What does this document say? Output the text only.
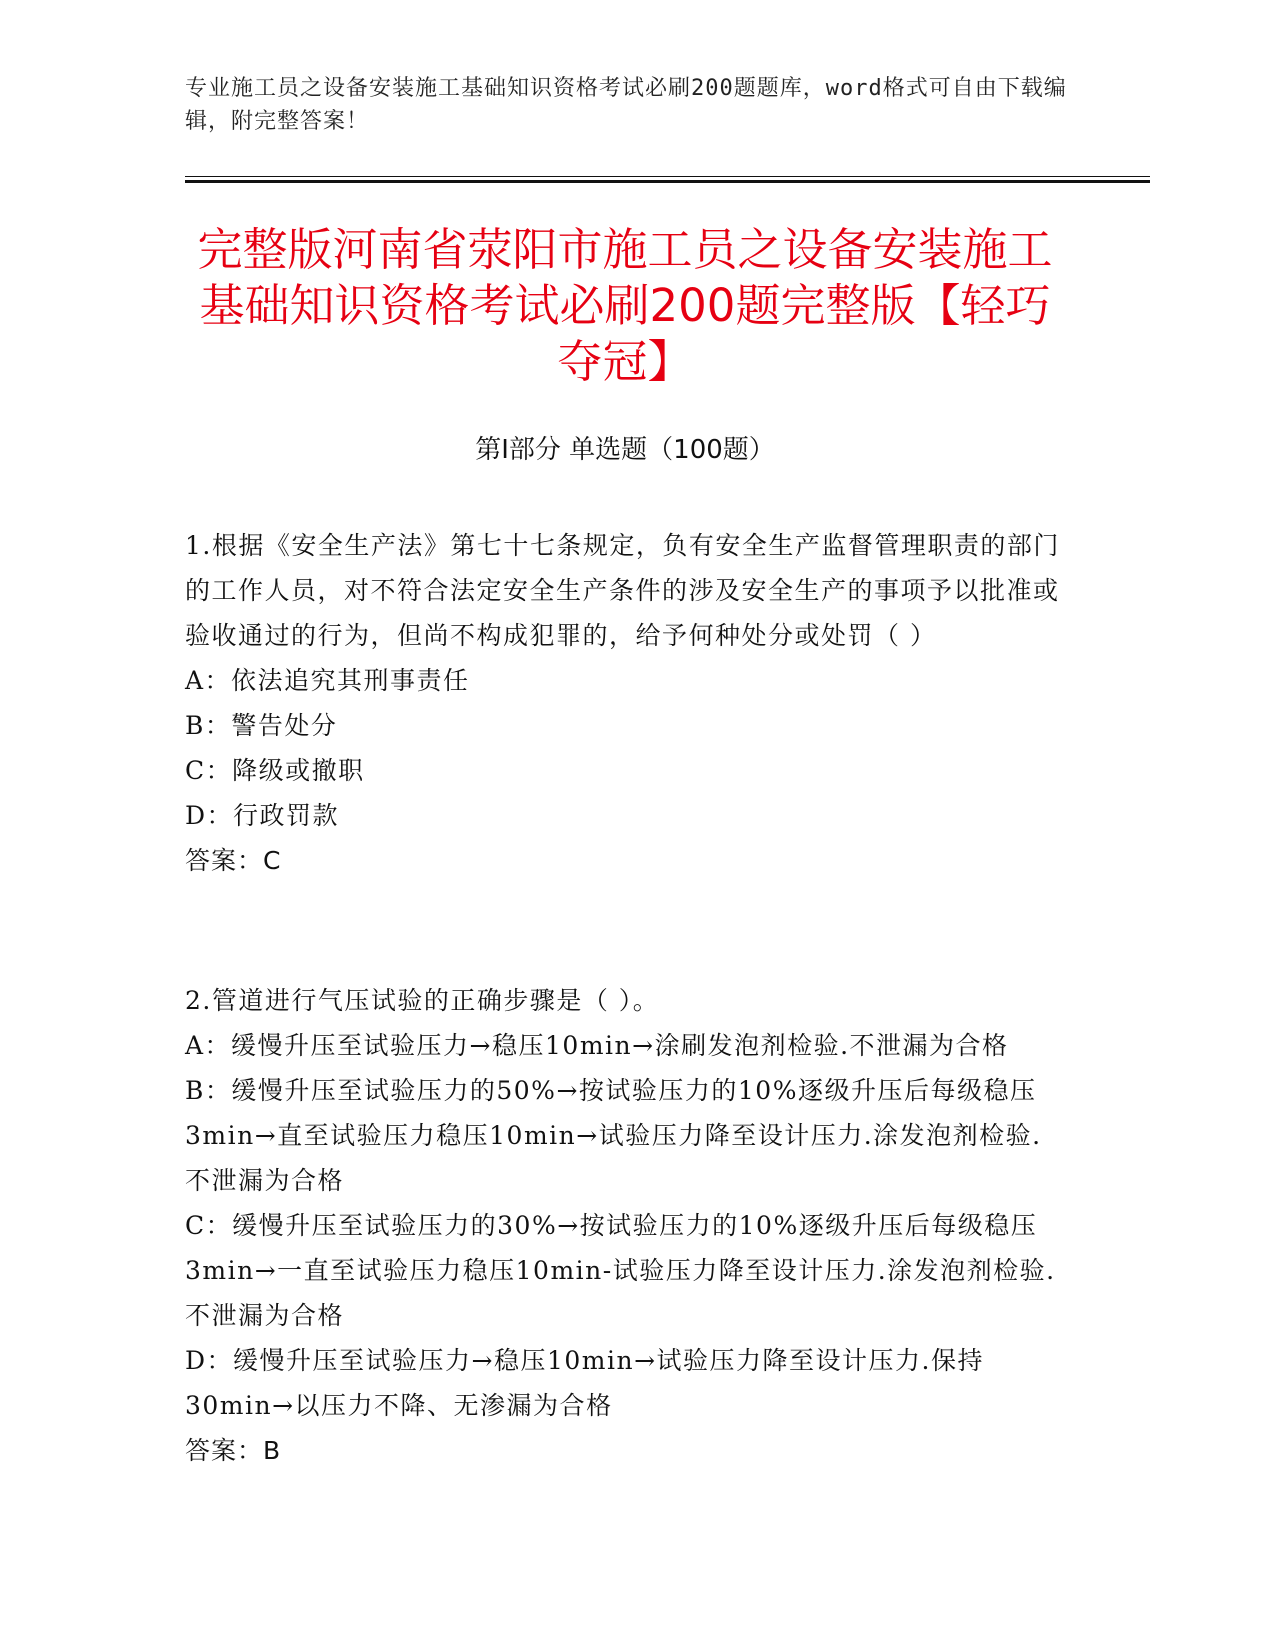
专业施工员之设备安装施工基础知识资格考试必刷200题题库，word格式可自由下载编辑，附完整答案！
完整版河南省荥阳市施工员之设备安装施工基础知识资格考试必刷200题完整版【轻巧夺冠】
第Ⅰ部分 单选题（100题）

1.根据《安全生产法》第七十七条规定，负有安全生产监督管理职责的部门的工作人员，对不符合法定安全生产条件的涉及安全生产的事项予以批准或验收通过的行为，但尚不构成犯罪的，给予何种处分或处罚（ ）

A：依法追究其刑事责任

B：警告处分

C：降级或撤职

D：行政罚款

答案：C

2.管道进行气压试验的正确步骤是（ ）。

A：缓慢升压至试验压力→稳压10min→涂刷发泡剂检验.不泄漏为合格

B：缓慢升压至试验压力的50%→按试验压力的10%逐级升压后每级稳压3min→直至试验压力稳压10min→试验压力降至设计压力.涂发泡剂检验.不泄漏为合格

C：缓慢升压至试验压力的30%→按试验压力的10%逐级升压后每级稳压3min→一直至试验压力稳压10min-试验压力降至设计压力.涂发泡剂检验.不泄漏为合格

D：缓慢升压至试验压力→稳压10min→试验压力降至设计压力.保持30min→以压力不降、无渗漏为合格

答案：B
